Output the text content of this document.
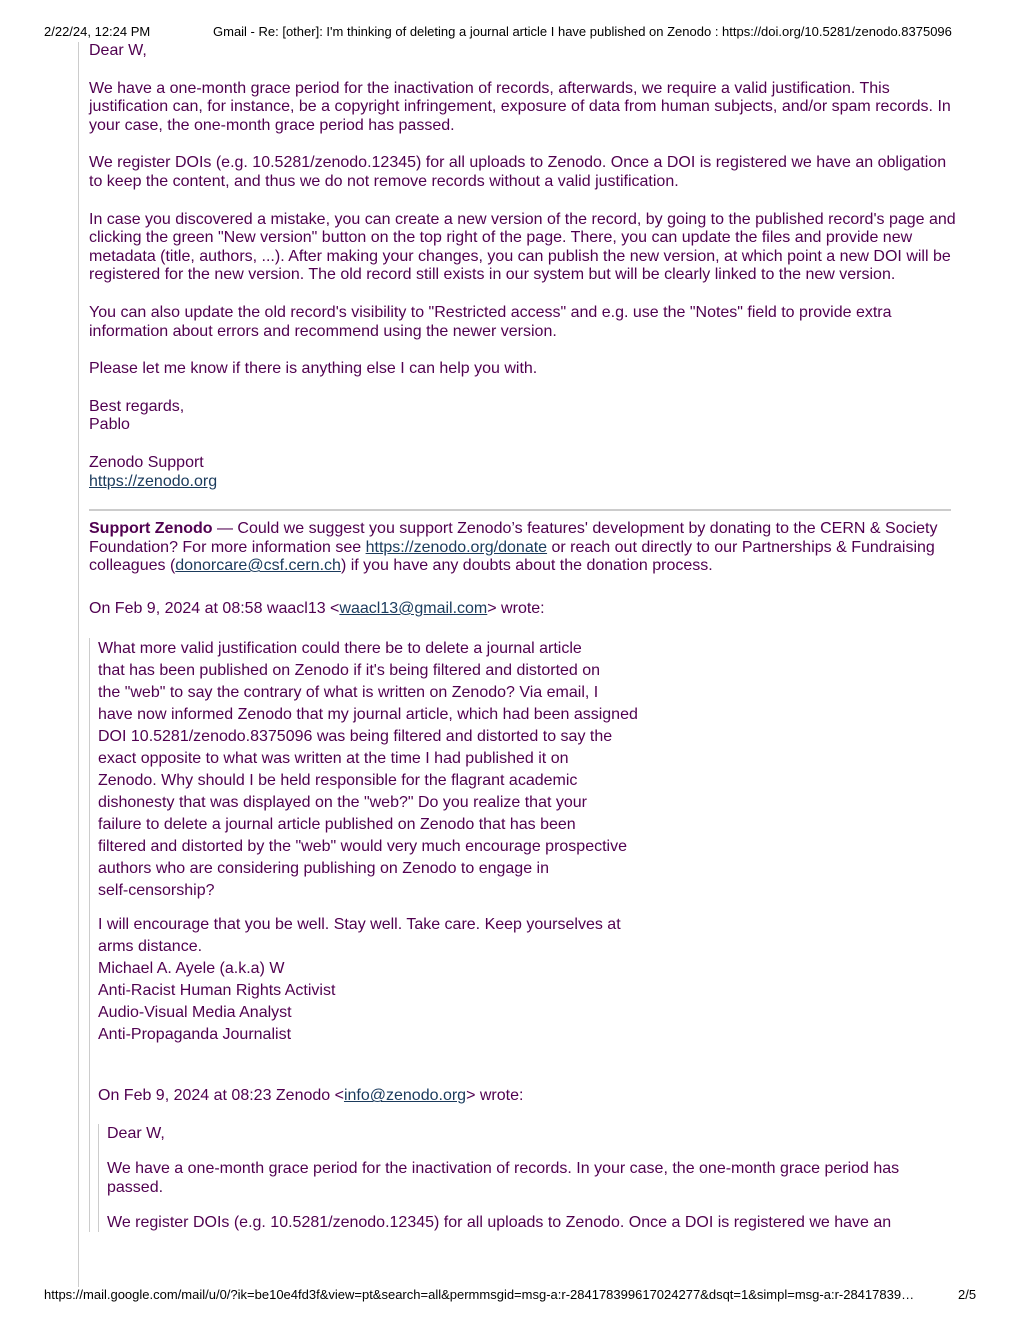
2/22/24, 12:24 PM	Gmail - Re: [other]: I'm thinking of deleting a journal article I have published on Zenodo : https://doi.org/10.5281/zenodo.8375096

Dear W,

We have a one-month grace period for the inactivation of records, afterwards, we require a valid justification. This justification can, for instance, be a copyright infringement, exposure of data from human subjects, and/or spam records. In your case, the one-month grace period has passed.

We register DOIs (e.g. 10.5281/zenodo.12345) for all uploads to Zenodo. Once a DOI is registered we have an obligation to keep the content, and thus we do not remove records without a valid justification.

In case you discovered a mistake, you can create a new version of the record, by going to the published record's page and clicking the green "New version" button on the top right of the page. There, you can update the files and provide new metadata (title, authors, ...). After making your changes, you can publish the new version, at which point a new DOI will be registered for the new version. The old record still exists in our system but will be clearly linked to the new version.

You can also update the old record's visibility to "Restricted access" and e.g. use the "Notes" field to provide extra information about errors and recommend using the newer version.

Please let me know if there is anything else I can help you with.

Best regards,
Pablo

Zenodo Support
https://zenodo.org

Support Zenodo — Could we suggest you support Zenodo’s features' development by donating to the CERN & Society Foundation? For more information see https://zenodo.org/donate or reach out directly to our Partnerships & Fundraising colleagues (donorcare@csf.cern.ch) if you have any doubts about the donation process.

On Feb 9, 2024 at 08:58 waacl13 <waacl13@gmail.com> wrote:

What more valid justification could there be to delete a journal article
that has been published on Zenodo if it's being filtered and distorted on
the "web" to say the contrary of what is written on Zenodo? Via email, I
have now informed Zenodo that my journal article, which had been assigned
DOI 10.5281/zenodo.8375096 was being filtered and distorted to say the
exact opposite to what was written at the time I had published it on
Zenodo. Why should I be held responsible for the flagrant academic
dishonesty that was displayed on the "web?" Do you realize that your
failure to delete a journal article published on Zenodo that has been
filtered and distorted by the "web" would very much encourage prospective
authors who are considering publishing on Zenodo to engage in
self-censorship?
I will encourage that you be well. Stay well. Take care. Keep yourselves at
arms distance.
Michael A. Ayele (a.k.a) W
Anti-Racist Human Rights Activist
Audio-Visual Media Analyst
Anti-Propaganda Journalist

On Feb 9, 2024 at 08:23 Zenodo <info@zenodo.org> wrote:

Dear W,

We have a one-month grace period for the inactivation of records. In your case, the one-month grace period has passed.

We register DOIs (e.g. 10.5281/zenodo.12345) for all uploads to Zenodo. Once a DOI is registered we have an

https://mail.google.com/mail/u/0/?ik=be10e4fd3f&view=pt&search=all&permmsgid=msg-a:r-284178399617024277&dsqt=1&simpl=msg-a:r-28417839…	2/5
